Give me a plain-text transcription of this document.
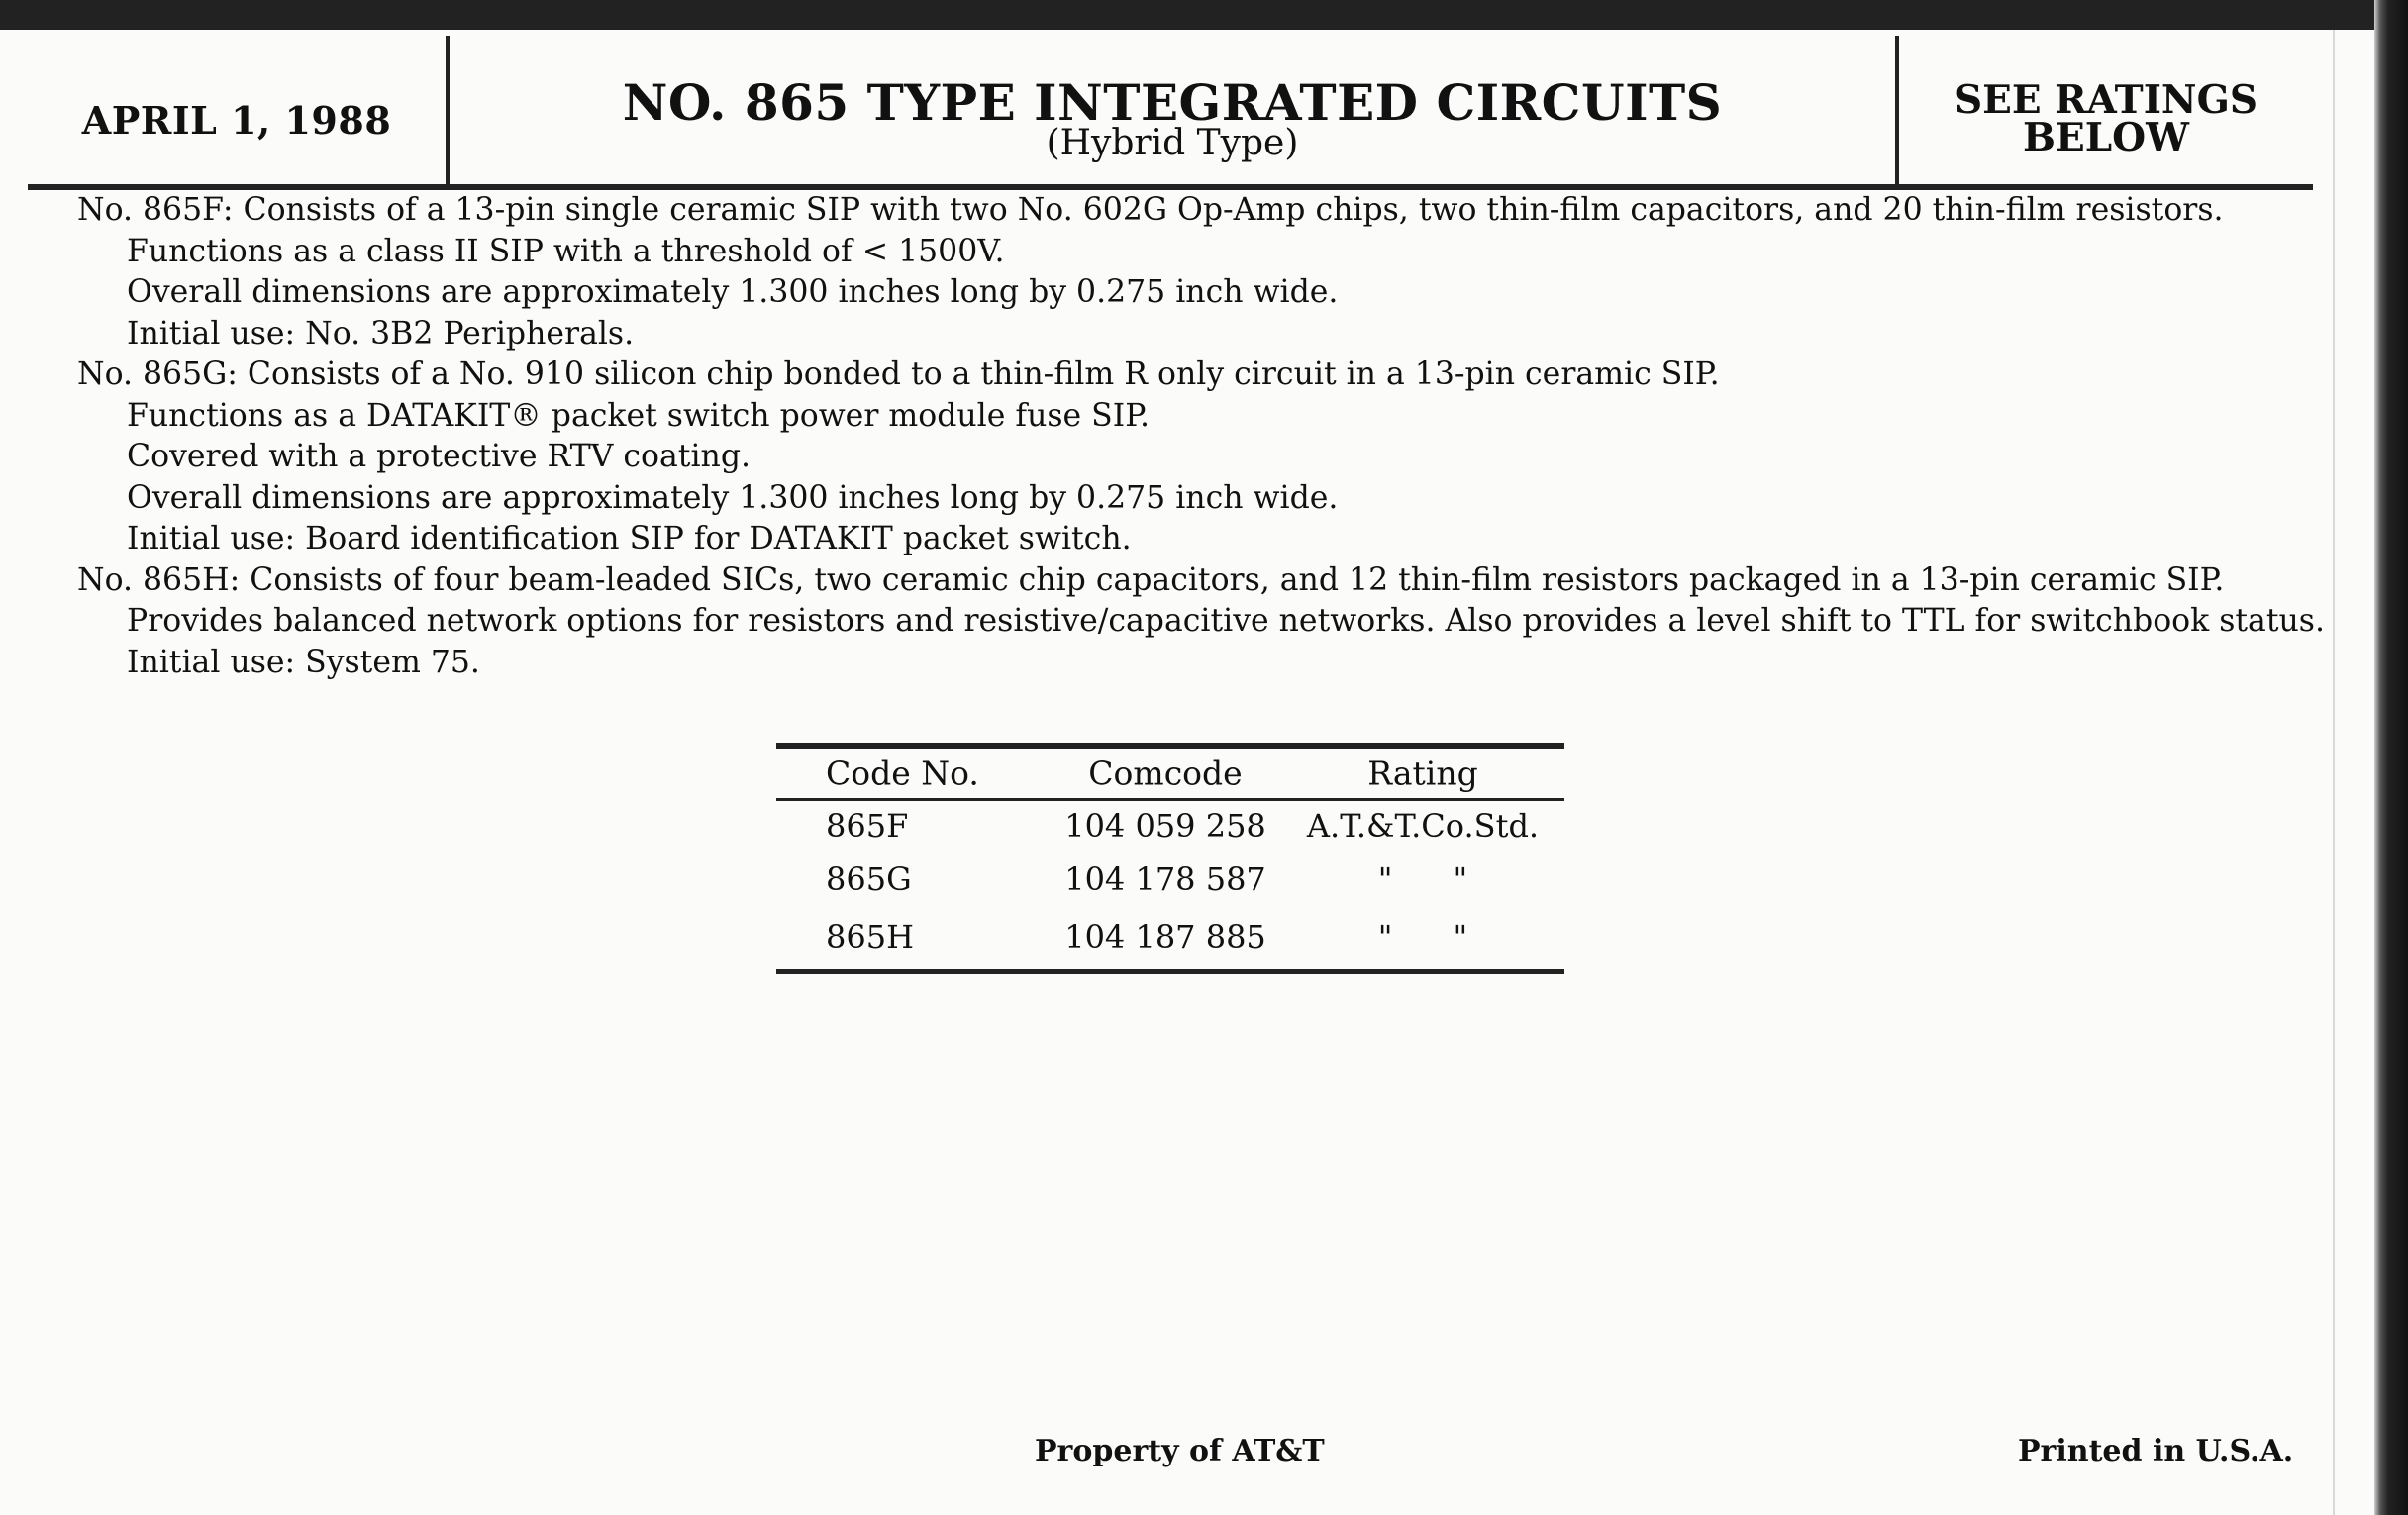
APRIL 1, 1988	NO. 865 TYPE INTEGRATED CIRCUITS
(Hybrid Type)
SEE RATINGS
BELOW
No. 865F: Consists of a 13-pin single ceramic SIP with two No. 602G Op-Amp chips, two thin-film capacitors, and 20 thin-film resistors.
Functions as a class II SIP with a threshold of < 1500V.
Overall dimensions are approximately 1.300 inches long by 0.275 inch wide.
Initial use: No. 3B2 Peripherals.
No. 865G: Consists of a No. 910 silicon chip bonded to a thin-film R only circuit in a 13-pin ceramic SIP.
Functions as a DATAKIT® packet switch power module fuse SIP.
Covered with a protective RTV coating.
Overall dimensions are approximately 1.300 inches long by 0.275 inch wide.
Initial use: Board identification SIP for DATAKIT packet switch.
No. 865H: Consists of four beam-leaded SICs, two ceramic chip capacitors, and 12 thin-film resistors packaged in a 13-pin ceramic SIP.
Provides balanced network options for resistors and resistive/capacitive networks. Also provides a level shift to TTL for switchbook status.
Initial use: System 75.
Code No.	Comcode	Rating
865F	104 059 258	A.T.&T.Co.Std.
865G	104 178 587	"      "
865H	104 187 885	"      "
Property of AT&T	Printed in U.S.A.
